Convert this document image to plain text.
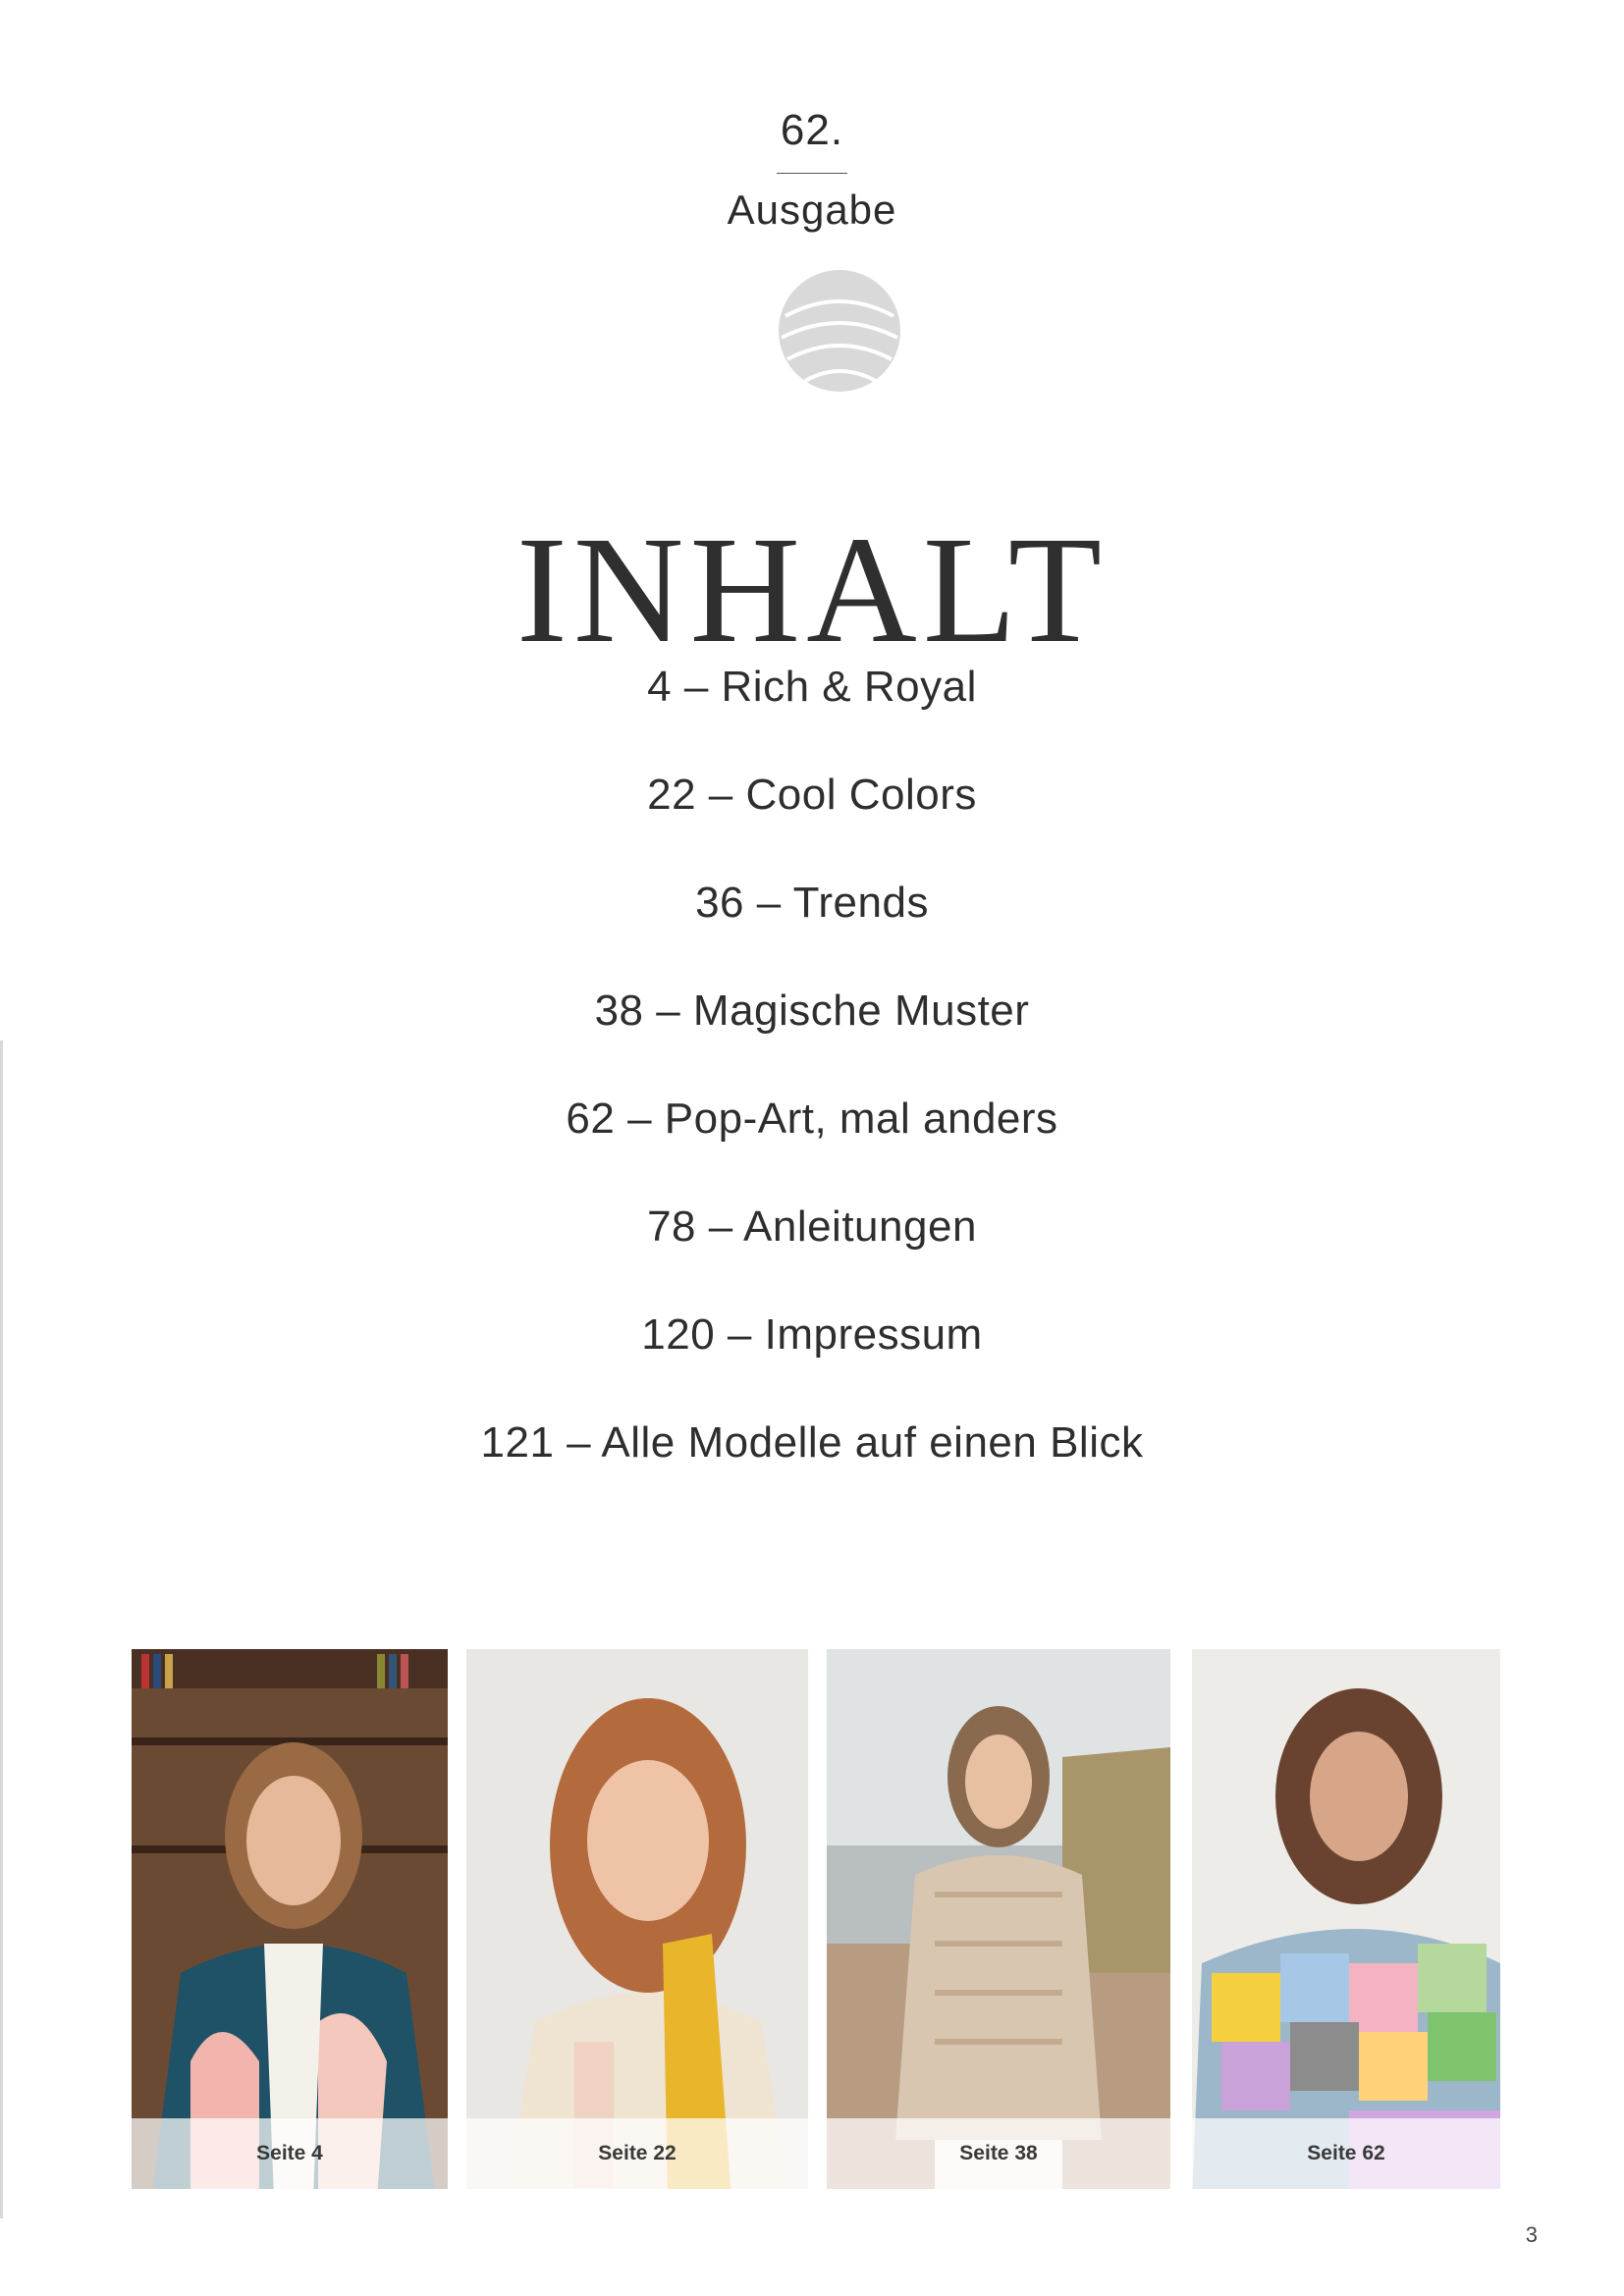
62.
Ausgabe
INHALT
4 – Rich & Royal
22 – Cool Colors
36 – Trends
38 – Magische Muster
62 – Pop-Art, mal anders
78 – Anleitungen
120 – Impressum
121 – Alle Modelle auf einen Blick
Seite 4	Seite 22	Seite 38	Seite 62
3
